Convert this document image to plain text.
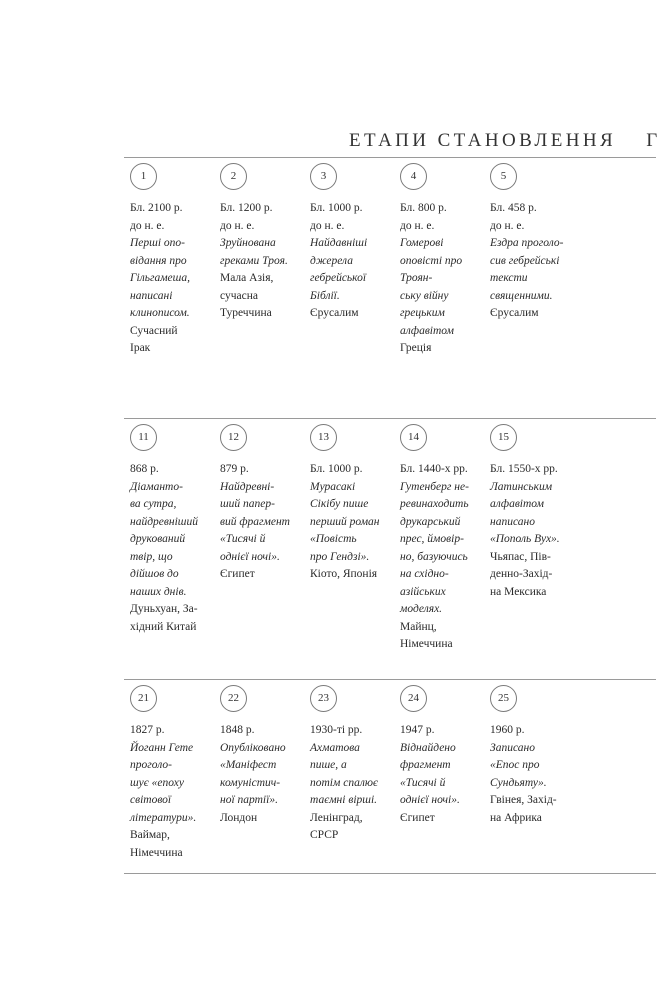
ЕТАПИ СТАНОВЛЕННЯ Г
1
Бл. 2100 р.
до н. е.
Перші опо-
відання про
Гільгамеша,
написані
клинописом.
Сучасний
Ірак
2
Бл. 1200 р.
до н. е.
Зруйнована
греками Троя.
Мала Азія,
сучасна
Туреччина
3
Бл. 1000 р.
до н. е.
Найдавніші
джерела
гебрейської
Біблії.
Єрусалим
4
Бл. 800 р.
до н. е.
Гомерові
оповісті про
Троян-
ську війну
грецьким
алфавітом
Греція
5
Бл. 458 р.
до н. е.
Ездра проголо-
сив гебрейські
тексти
священними.
Єрусалим
11
868 р.
Діаманто-
ва сутра,
найдревніший
друкований
твір, що
дійшов до
наших днів.
Дуньхуан, За-
хідний Китай
12
879 р.
Найдревні-
ший папер-
вий фрагмент
«Тисячі й
однієї ночі».
Єгипет
13
Бл. 1000 р.
Мурасакі
Сікібу пише
перший роман
«Повість
про Гендзі».
Кіото, Японія
14
Бл. 1440-х рр.
Гутенберг не-
ревинаходить
друкарський
прес, ймовір-
но, базуючись
на східно-
азійських
моделях.
Майнц,
Німеччина
15
Бл. 1550-х рр.
Латинським
алфавітом
написано
«Пополь Вух».
Чьяпас, Пів-
денно-Захід-
на Мексика
21
1827 р.
Йоганн Гете
проголо-
шує «епоху
світової
літератури».
Ваймар,
Німеччина
22
1848 р.
Опубліковано
«Маніфест
комуністич-
ної партії».
Лондон
23
1930-ті рр.
Ахматова
пише, а
потім спалює
таємні вірші.
Ленінград,
СРСР
24
1947 р.
Віднайдено
фрагмент
«Тисячі й
однієї ночі».
Єгипет
25
1960 р.
Записано
«Епос про
Сундьяту».
Гвінея, Захід-
на Африка
